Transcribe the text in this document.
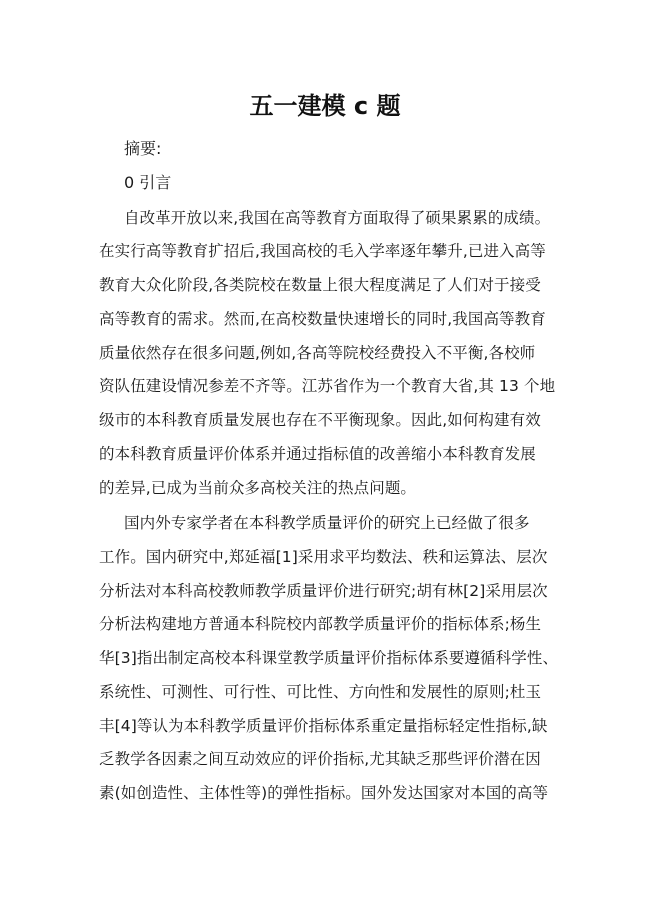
五一建模 c 题

摘要:

0 引言

自改革开放以来,我国在高等教育方面取得了硕果累累的成绩。

在实行高等教育扩招后,我国高校的毛入学率逐年攀升,已进入高等

教育大众化阶段,各类院校在数量上很大程度满足了人们对于接受

高等教育的需求。然而,在高校数量快速增长的同时,我国高等教育

质量依然存在很多问题,例如,各高等院校经费投入不平衡,各校师

资队伍建设情况参差不齐等。江苏省作为一个教育大省,其 13 个地

级市的本科教育质量发展也存在不平衡现象。因此,如何构建有效

的本科教育质量评价体系并通过指标值的改善缩小本科教育发展

的差异,已成为当前众多高校关注的热点问题。

国内外专家学者在本科教学质量评价的研究上已经做了很多

工作。国内研究中,郑延福[1]采用求平均数法、秩和运算法、层次

分析法对本科高校教师教学质量评价进行研究;胡有林[2]采用层次

分析法构建地方普通本科院校内部教学质量评价的指标体系;杨生

华[3]指出制定高校本科课堂教学质量评价指标体系要遵循科学性、

系统性、可测性、可行性、可比性、方向性和发展性的原则;杜玉

丰[4]等认为本科教学质量评价指标体系重定量指标轻定性指标,缺

乏教学各因素之间互动效应的评价指标,尤其缺乏那些评价潜在因

素(如创造性、主体性等)的弹性指标。国外发达国家对本国的高等
